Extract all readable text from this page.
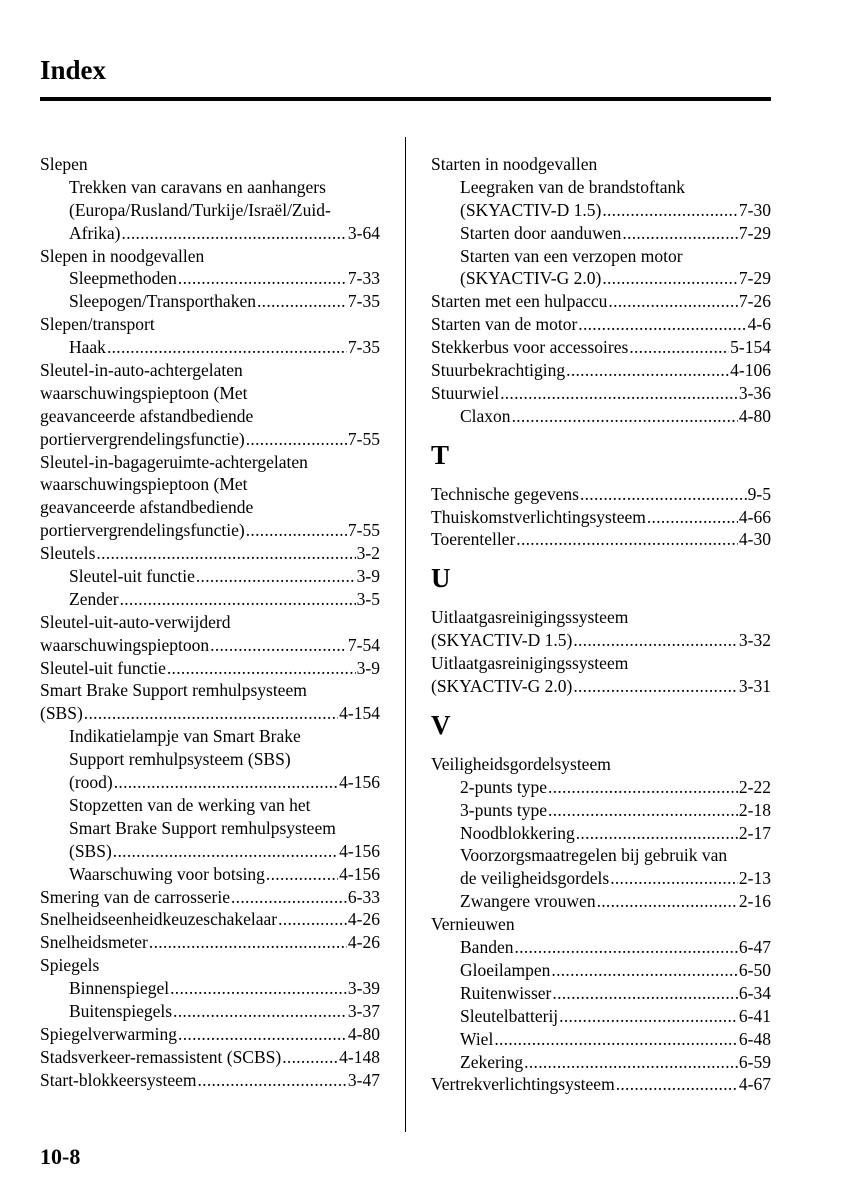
Index
Slepen
Trekken van caravans en aanhangers
(Europa/Rusland/Turkije/Israël/Zuid-
Afrika) .....	3-64
Slepen in noodgevallen
Sleepmethoden .....	7-33
Sleepogen/Transporthaken .....	7-35
Slepen/transport
Haak .....	7-35
Sleutel-in-auto-achtergelaten
waarschuwingspieptoon (Met
geavanceerde afstandbediende
portiervergrendelingsfunctie) .....	7-55
Sleutel-in-bagageruimte-achtergelaten
waarschuwingspieptoon (Met
geavanceerde afstandbediende
portiervergrendelingsfunctie) .....	7-55
Sleutels .....	3-2
Sleutel-uit functie .....	3-9
Zender .....	3-5
Sleutel-uit-auto-verwijderd
waarschuwingspieptoon .....	7-54
Sleutel-uit functie .....	3-9
Smart Brake Support remhulpsysteem
(SBS) .....	4-154
Indikatielampje van Smart Brake
Support remhulpsysteem (SBS)
(rood) .....	4-156
Stopzetten van de werking van het
Smart Brake Support remhulpsysteem
(SBS) .....	4-156
Waarschuwing voor botsing .....	4-156
Smering van de carrosserie .....	6-33
Snelheidseenheidkeuzeschakelaar .....	4-26
Snelheidsmeter .....	4-26
Spiegels
Binnenspiegel .....	3-39
Buitenspiegels .....	3-37
Spiegelverwarming .....	4-80
Stadsverkeer-remassistent (SCBS) .....	4-148
Start-blokkeersysteem .....	3-47
Starten in noodgevallen
Leegraken van de brandstoftank
(SKYACTIV-D 1.5) .....	7-30
Starten door aanduwen .....	7-29
Starten van een verzopen motor
(SKYACTIV-G 2.0) .....	7-29
Starten met een hulpaccu .....	7-26
Starten van de motor .....	4-6
Stekkerbus voor accessoires .....	5-154
Stuurbekrachtiging .....	4-106
Stuurwiel .....	3-36
Claxon .....	4-80
T
Technische gegevens .....	9-5
Thuiskomstverlichtingsysteem .....	4-66
Toerenteller .....	4-30
U
Uitlaatgasreinigingssysteem
(SKYACTIV-D 1.5) .....	3-32
Uitlaatgasreinigingssysteem
(SKYACTIV-G 2.0) .....	3-31
V
Veiligheidsgordelsysteem
2-punts type .....	2-22
3-punts type .....	2-18
Noodblokkering .....	2-17
Voorzorgsmaatregelen bij gebruik van
de veiligheidsgordels .....	2-13
Zwangere vrouwen .....	2-16
Vernieuwen
Banden .....	6-47
Gloeilampen .....	6-50
Ruitenwisser .....	6-34
Sleutelbatterij .....	6-41
Wiel .....	6-48
Zekering .....	6-59
Vertrekverlichtingsysteem .....	4-67
10-8
